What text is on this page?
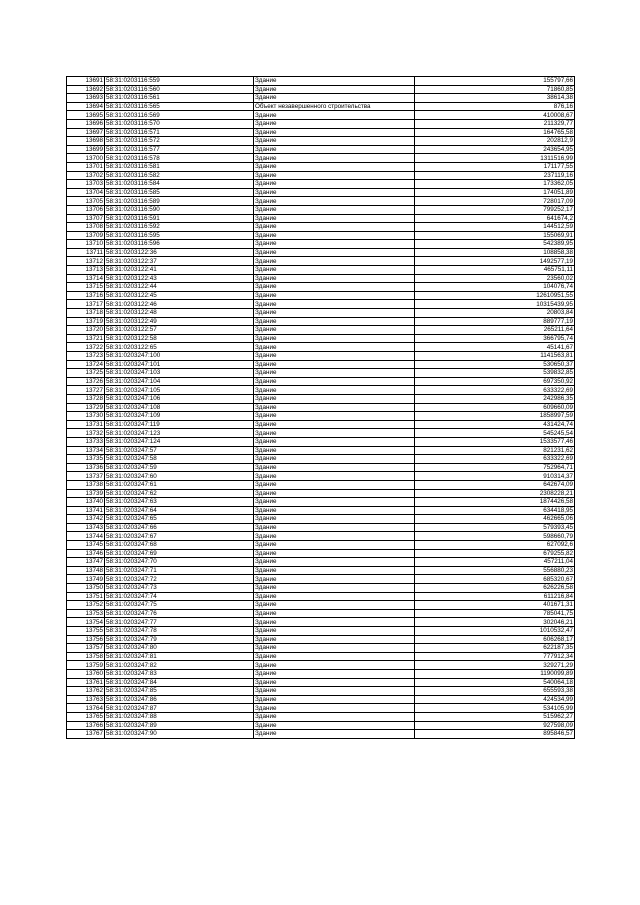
13691	58:31:0203116:559	Здание	155797,66
13692	58:31:0203116:560	Здание	71860,85
13693	58:31:0203116:561	Здание	38614,38
13694	58:31:0203116:565	Объект незавершенного строительства	876,16
13695	58:31:0203116:569	Здание	410008,67
13696	58:31:0203116:570	Здание	211329,77
13697	58:31:0203116:571	Здание	164765,58
13698	58:31:0203116:572	Здание	202812,9
13699	58:31:0203116:577	Здание	243654,95
13700	58:31:0203116:578	Здание	1311516,99
13701	58:31:0203116:581	Здание	171177,55
13702	58:31:0203116:582	Здание	237119,16
13703	58:31:0203116:584	Здание	173362,05
13704	58:31:0203116:585	Здание	174051,89
13705	58:31:0203116:589	Здание	728017,09
13706	58:31:0203116:590	Здание	799252,17
13707	58:31:0203116:591	Здание	641674,2
13708	58:31:0203116:592	Здание	144512,59
13709	58:31:0203116:595	Здание	155069,91
13710	58:31:0203116:596	Здание	542389,95
13711	58:31:0203122:36	Здание	108858,38
13712	58:31:0203122:37	Здание	1492577,19
13713	58:31:0203122:41	Здание	465751,11
13714	58:31:0203122:43	Здание	23560,02
13715	58:31:0203122:44	Здание	104076,74
13716	58:31:0203122:45	Здание	12610951,55
13717	58:31:0203122:46	Здание	10315439,95
13718	58:31:0203122:48	Здание	20803,84
13719	58:31:0203122:49	Здание	889777,19
13720	58:31:0203122:57	Здание	265211,64
13721	58:31:0203122:58	Здание	366795,74
13722	58:31:0203122:65	Здание	45141,67
13723	58:31:0203247:100	Здание	1141563,81
13724	58:31:0203247:101	Здание	530650,37
13725	58:31:0203247:103	Здание	539832,85
13726	58:31:0203247:104	Здание	697350,92
13727	58:31:0203247:105	Здание	633322,69
13728	58:31:0203247:106	Здание	242986,35
13729	58:31:0203247:108	Здание	609660,09
13730	58:31:0203247:109	Здание	1858997,59
13731	58:31:0203247:119	Здание	431424,74
13732	58:31:0203247:123	Здание	545245,54
13733	58:31:0203247:124	Здание	1533577,46
13734	58:31:0203247:57	Здание	821231,62
13735	58:31:0203247:58	Здание	633322,69
13736	58:31:0203247:59	Здание	752964,71
13737	58:31:0203247:60	Здание	910314,37
13738	58:31:0203247:61	Здание	642674,09
13739	58:31:0203247:62	Здание	2308228,21
13740	58:31:0203247:63	Здание	1874426,58
13741	58:31:0203247:64	Здание	634418,95
13742	58:31:0203247:65	Здание	462665,06
13743	58:31:0203247:66	Здание	579393,45
13744	58:31:0203247:67	Здание	598660,79
13745	58:31:0203247:68	Здание	627092,6
13746	58:31:0203247:69	Здание	679255,82
13747	58:31:0203247:70	Здание	457211,04
13748	58:31:0203247:71	Здание	556880,23
13749	58:31:0203247:72	Здание	685320,67
13750	58:31:0203247:73	Здание	626226,58
13751	58:31:0203247:74	Здание	611216,84
13752	58:31:0203247:75	Здание	401671,31
13753	58:31:0203247:76	Здание	785041,75
13754	58:31:0203247:77	Здание	302046,21
13755	58:31:0203247:78	Здание	1010532,47
13756	58:31:0203247:79	Здание	606268,17
13757	58:31:0203247:80	Здание	622187,35
13758	58:31:0203247:81	Здание	777912,34
13759	58:31:0203247:82	Здание	329271,29
13760	58:31:0203247:83	Здание	1190099,89
13761	58:31:0203247:84	Здание	540064,18
13762	58:31:0203247:85	Здание	655593,38
13763	58:31:0203247:86	Здание	424534,99
13764	58:31:0203247:87	Здание	534105,99
13765	58:31:0203247:88	Здание	515962,27
13766	58:31:0203247:89	Здание	927598,09
13767	58:31:0203247:90	Здание	895846,57
